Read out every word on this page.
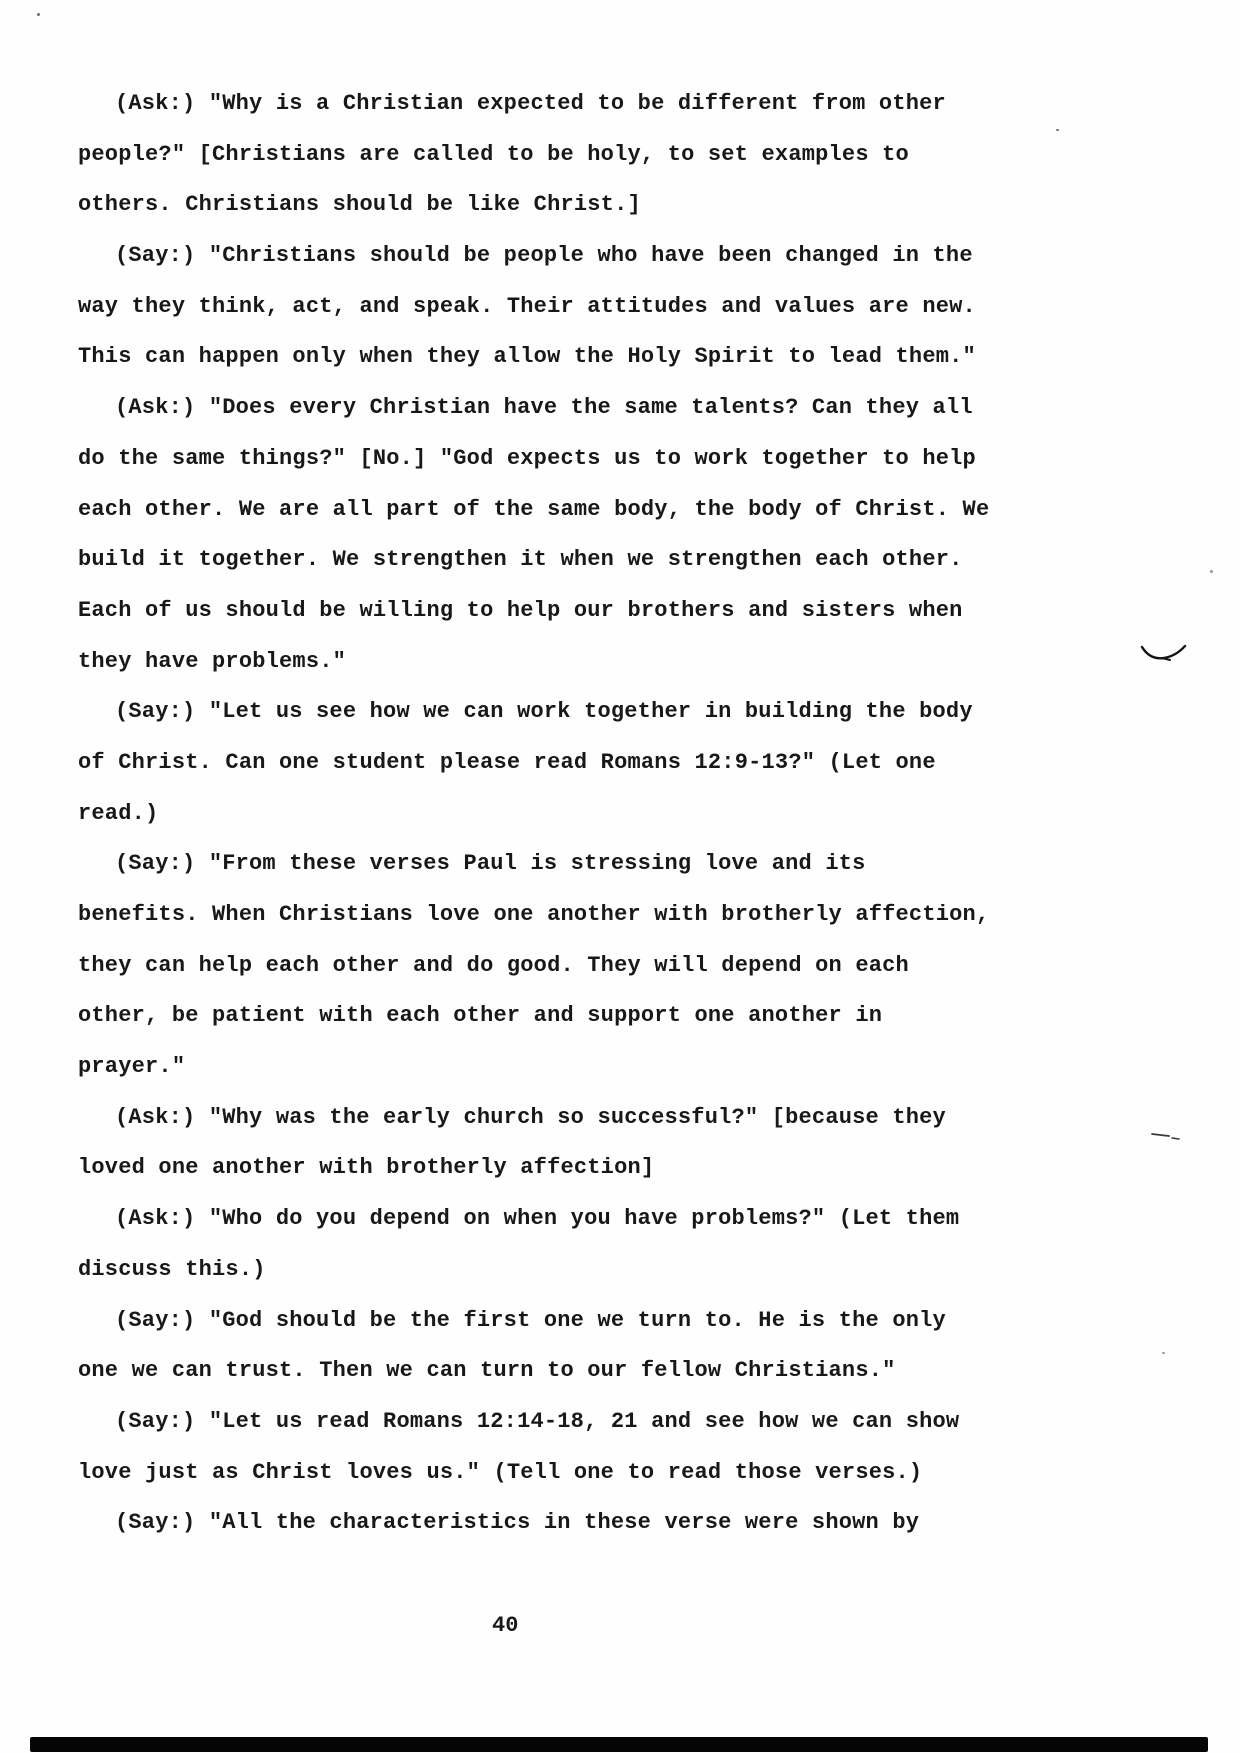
(Ask:) "Why is a Christian expected to be different from other
people?" [Christians are called to be holy, to set examples to
others. Christians should be like Christ.]
(Say:) "Christians should be people who have been changed in the
way they think, act, and speak. Their attitudes and values are new.
This can happen only when they allow the Holy Spirit to lead them."
(Ask:) "Does every Christian have the same talents? Can they all
do the same things?" [No.] "God expects us to work together to help
each other. We are all part of the same body, the body of Christ. We
build it together. We strengthen it when we strengthen each other.
Each of us should be willing to help our brothers and sisters when
they have problems."
(Say:) "Let us see how we can work together in building the body
of Christ. Can one student please read Romans 12:9-13?" (Let one
read.)
(Say:) "From these verses Paul is stressing love and its
benefits. When Christians love one another with brotherly affection,
they can help each other and do good. They will depend on each
other, be patient with each other and support one another in
prayer."
(Ask:) "Why was the early church so successful?" [because they
loved one another with brotherly affection]
(Ask:) "Who do you depend on when you have problems?" (Let them
discuss this.)
(Say:) "God should be the first one we turn to. He is the only
one we can trust. Then we can turn to our fellow Christians."
(Say:) "Let us read Romans 12:14-18, 21 and see how we can show
love just as Christ loves us." (Tell one to read those verses.)
(Say:) "All the characteristics in these verse were shown by
40
